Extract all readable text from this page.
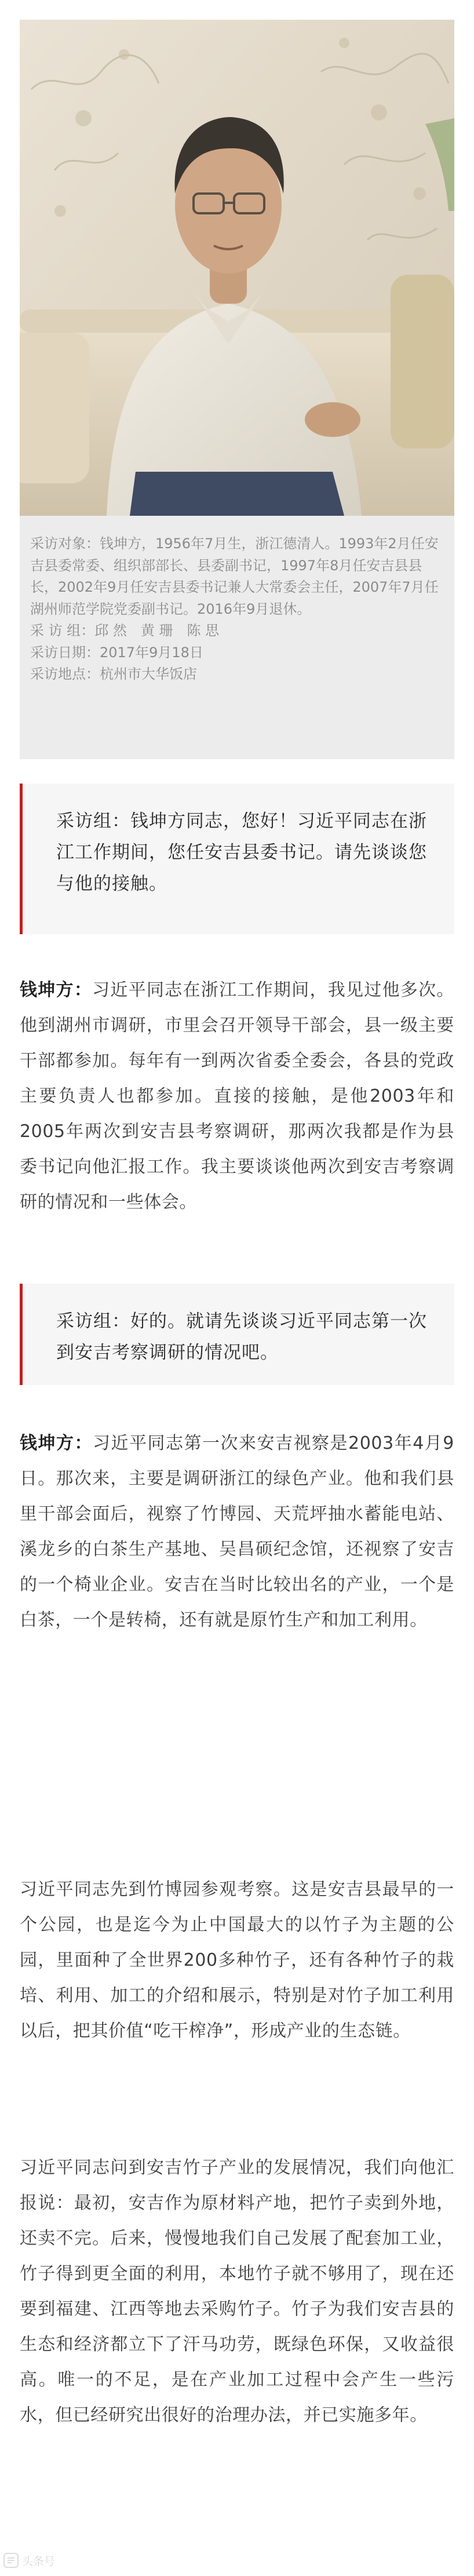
采访对象：钱坤方，1956年7月生，浙江德清人。1993年2月任安吉县委常委、组织部部长、县委副书记，1997年8月任安吉县县长，2002年9月任安吉县委书记兼人大常委会主任，2007年7月任湖州师范学院党委副书记。2016年9月退休。
采 访 组：邱 然　黄 珊　陈 思
采访日期：2017年9月18日
采访地点：杭州市大华饭店
采访组：钱坤方同志，您好！习近平同志在浙江工作期间，您任安吉县委书记。请先谈谈您与他的接触。
钱坤方：习近平同志在浙江工作期间，我见过他多次。他到湖州市调研，市里会召开领导干部会，县一级主要干部都参加。每年有一到两次省委全委会，各县的党政主要负责人也都参加。直接的接触，是他2003年和2005年两次到安吉县考察调研，那两次我都是作为县委书记向他汇报工作。我主要谈谈他两次到安吉考察调研的情况和一些体会。
采访组：好的。就请先谈谈习近平同志第一次到安吉考察调研的情况吧。
钱坤方：习近平同志第一次来安吉视察是2003年4月9日。那次来，主要是调研浙江的绿色产业。他和我们县里干部会面后，视察了竹博园、天荒坪抽水蓄能电站、溪龙乡的白茶生产基地、吴昌硕纪念馆，还视察了安吉的一个椅业企业。安吉在当时比较出名的产业，一个是白茶，一个是转椅，还有就是原竹生产和加工利用。
习近平同志先到竹博园参观考察。这是安吉县最早的一个公园，也是迄今为止中国最大的以竹子为主题的公园，里面种了全世界200多种竹子，还有各种竹子的栽培、利用、加工的介绍和展示，特别是对竹子加工利用以后，把其价值“吃干榨净”，形成产业的生态链。
习近平同志问到安吉竹子产业的发展情况，我们向他汇报说：最初，安吉作为原材料产地，把竹子卖到外地，还卖不完。后来，慢慢地我们自己发展了配套加工业，竹子得到更全面的利用，本地竹子就不够用了，现在还要到福建、江西等地去采购竹子。竹子为我们安吉县的生态和经济都立下了汗马功劳，既绿色环保，又收益很高。唯一的不足，是在产业加工过程中会产生一些污水，但已经研究出很好的治理办法，并已实施多年。
头条号
